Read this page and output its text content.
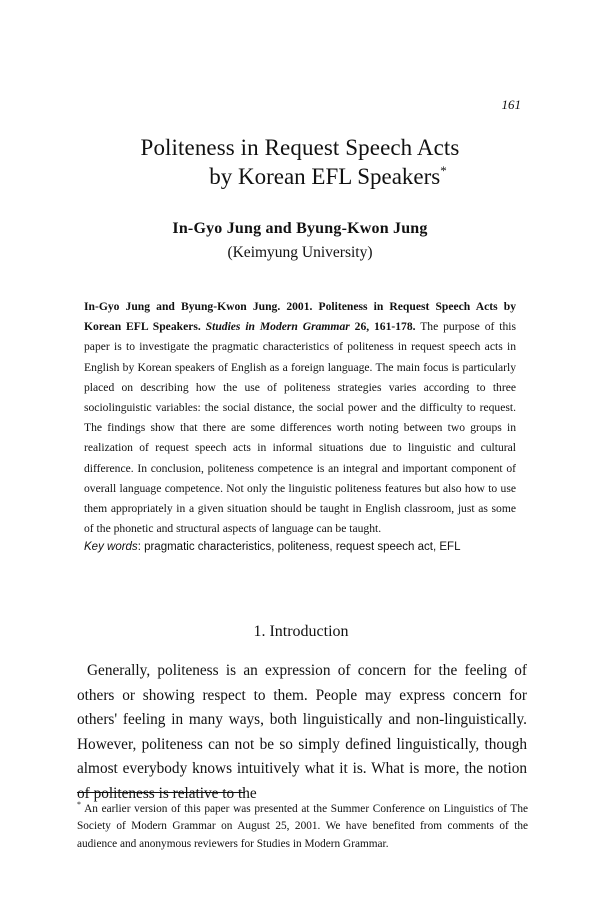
161
Politeness in Request Speech Acts
by Korean EFL Speakers*
In-Gyo Jung and Byung-Kwon Jung
(Keimyung University)
In-Gyo Jung and Byung-Kwon Jung. 2001. Politeness in Request Speech Acts by Korean EFL Speakers. Studies in Modern Grammar 26, 161-178. The purpose of this paper is to investigate the pragmatic characteristics of politeness in request speech acts in English by Korean speakers of English as a foreign language. The main focus is particularly placed on describing how the use of politeness strategies varies according to three sociolinguistic variables: the social distance, the social power and the difficulty to request. The findings show that there are some differences worth noting between two groups in realization of request speech acts in informal situations due to linguistic and cultural difference. In conclusion, politeness competence is an integral and important component of overall language competence. Not only the linguistic politeness features but also how to use them appropriately in a given situation should be taught in English classroom, just as some of the phonetic and structural aspects of language can be taught.
Key words: pragmatic characteristics, politeness, request speech act, EFL
1. Introduction
Generally, politeness is an expression of concern for the feeling of others or showing respect to them. People may express concern for others' feeling in many ways, both linguistically and non-linguistically. However, politeness can not be so simply defined linguistically, though almost everybody knows intuitively what it is. What is more, the notion of politeness is relative to the
* An earlier version of this paper was presented at the Summer Conference on Linguistics of The Society of Modern Grammar on August 25, 2001. We have benefited from comments of the audience and anonymous reviewers for Studies in Modern Grammar.
